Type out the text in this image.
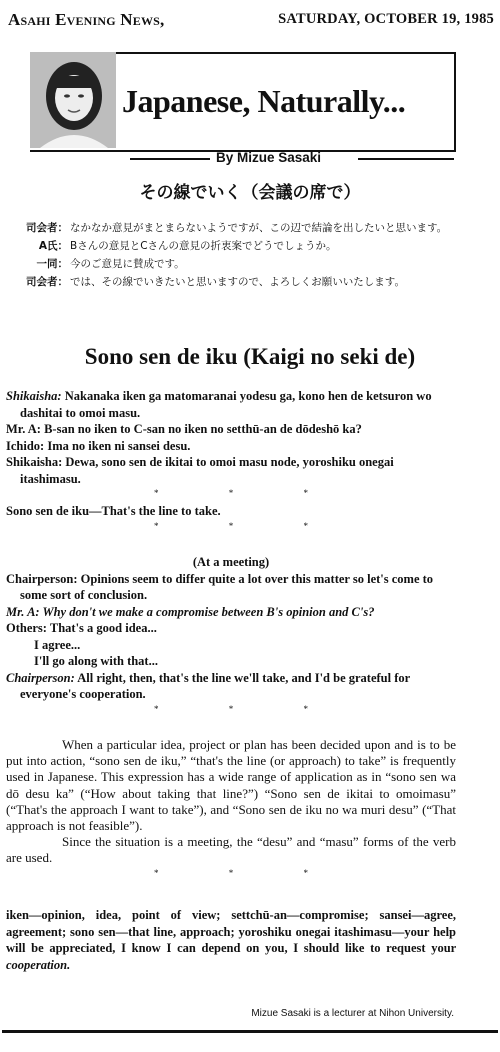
Asahi Evening News,	SATURDAY, OCTOBER 19, 1985
Japanese, Naturally...
By Mizue Sasaki
その線でいく（会議の席で）
司会者： なかなか意見がまとまらないようですが、この辺で結論を出したいと思います。
A氏： Bさんの意見とCさんの意見の折衷案でどうでしょうか。
一同： 今のご意見に賛成です。
司会者： では、その線でいきたいと思いますので、よろしくお願いいたします。
Sono sen de iku (Kaigi no seki de)
Shikaisha: Nakanaka iken ga matomaranai yodesu ga, kono hen de ketsuron wo dashitai to omoi masu.
Mr. A: B-san no iken to C-san no iken no setthū-an de dōdeshō ka?
Ichido: Ima no iken ni sansei desu.
Shikaisha: Dewa, sono sen de ikitai to omoi masu node, yoroshiku onegai itashimasu.
* * *
Sono sen de iku—That's the line to take.
* * *
(At a meeting)
Chairperson: Opinions seem to differ quite a lot over this matter so let's come to some sort of conclusion.
Mr. A: Why don't we make a compromise between B's opinion and C's?
Others: That's a good idea...
I agree...
I'll go along with that...
Chairperson: All right, then, that's the line we'll take, and I'd be grateful for everyone's cooperation.
* * *

When a particular idea, project or plan has been decided upon and is to be put into action, “sono sen de iku,” “that's the line (or approach) to take” is frequently used in Japanese. This expression has a wide range of application as in “sono sen wa dō desu ka” (“How about taking that line?”) “Sono sen de ikitai to omoimasu” (“That's the approach I want to take”), and “Sono sen de iku no wa muri desu” (“That approach is not feasible”).

Since the situation is a meeting, the “desu” and “masu” forms of the verb are used.

* * *
iken—opinion, idea, point of view; settchū-an—compromise; sansei—agree, agreement; sono sen—that line, approach; yoroshiku onegai itashimasu—your help will be appreciated, I know I can depend on you, I should like to request your cooperation.
Mizue Sasaki is a lecturer at Nihon University.
